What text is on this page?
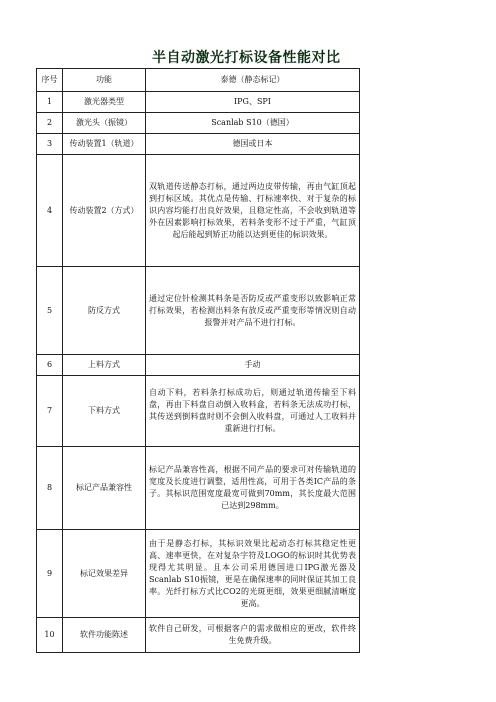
半自动激光打标设备性能对比
序号	功能	泰德（静态标记）
1	激光器类型	IPG、SPI
2	激光头（振镜）	Scanlab S10（德国）
3	传动装置1（轨道）	德国或日本
4	传动装置2（方式）	双轨道传送静态打标，通过两边皮带传输，再由气缸顶起到打标区域。其优点是传输、打标速率快、对于复杂的标识内容均能打出良好效果，且稳定性高，不会收到轨道等外在因素影响打标效果，若料条变形不过于严重，气缸顶起后能起到矫正功能以达到更佳的标识效果。
5	防反方式	通过定位针检测其料条是否防反或严重变形以致影响正常打标效果，若检测出料条有放反或严重变形等情况则自动报警并对产品不进行打标。
6	上料方式	手动
7	下料方式	自动下料，若料条打标成功后，则通过轨道传输至下料盘，再由下料盘自动倒入收料盒，若料条无法成功打标，其传送到倒料盘时则不会倒入收料盘，可通过人工收料并重新进行打标。
8	标记产品兼容性	标记产品兼容性高，根据不同产品的要求可对传输轨道的宽度及长度进行调整，适用性高，可用于各类IC产品的条子。其标识范围宽度最宽可做到70mm，其长度最大范围已达到298mm。
9	标记效果差异	由于是静态打标，其标识效果比起动态打标其稳定性更高、速率更快，在对复杂字符及LOGO的标识时其优势表现得尤其明显。且本公司采用德国进口IPG激光器及Scanlab S10振镜，更是在确保速率的同时保证其加工良率。光纤打标方式比CO2的光斑更细，效果更细腻清晰度更高。
10	软件功能陈述	软件自己研发，可根据客户的需求做相应的更改，软件终生免费升级。
